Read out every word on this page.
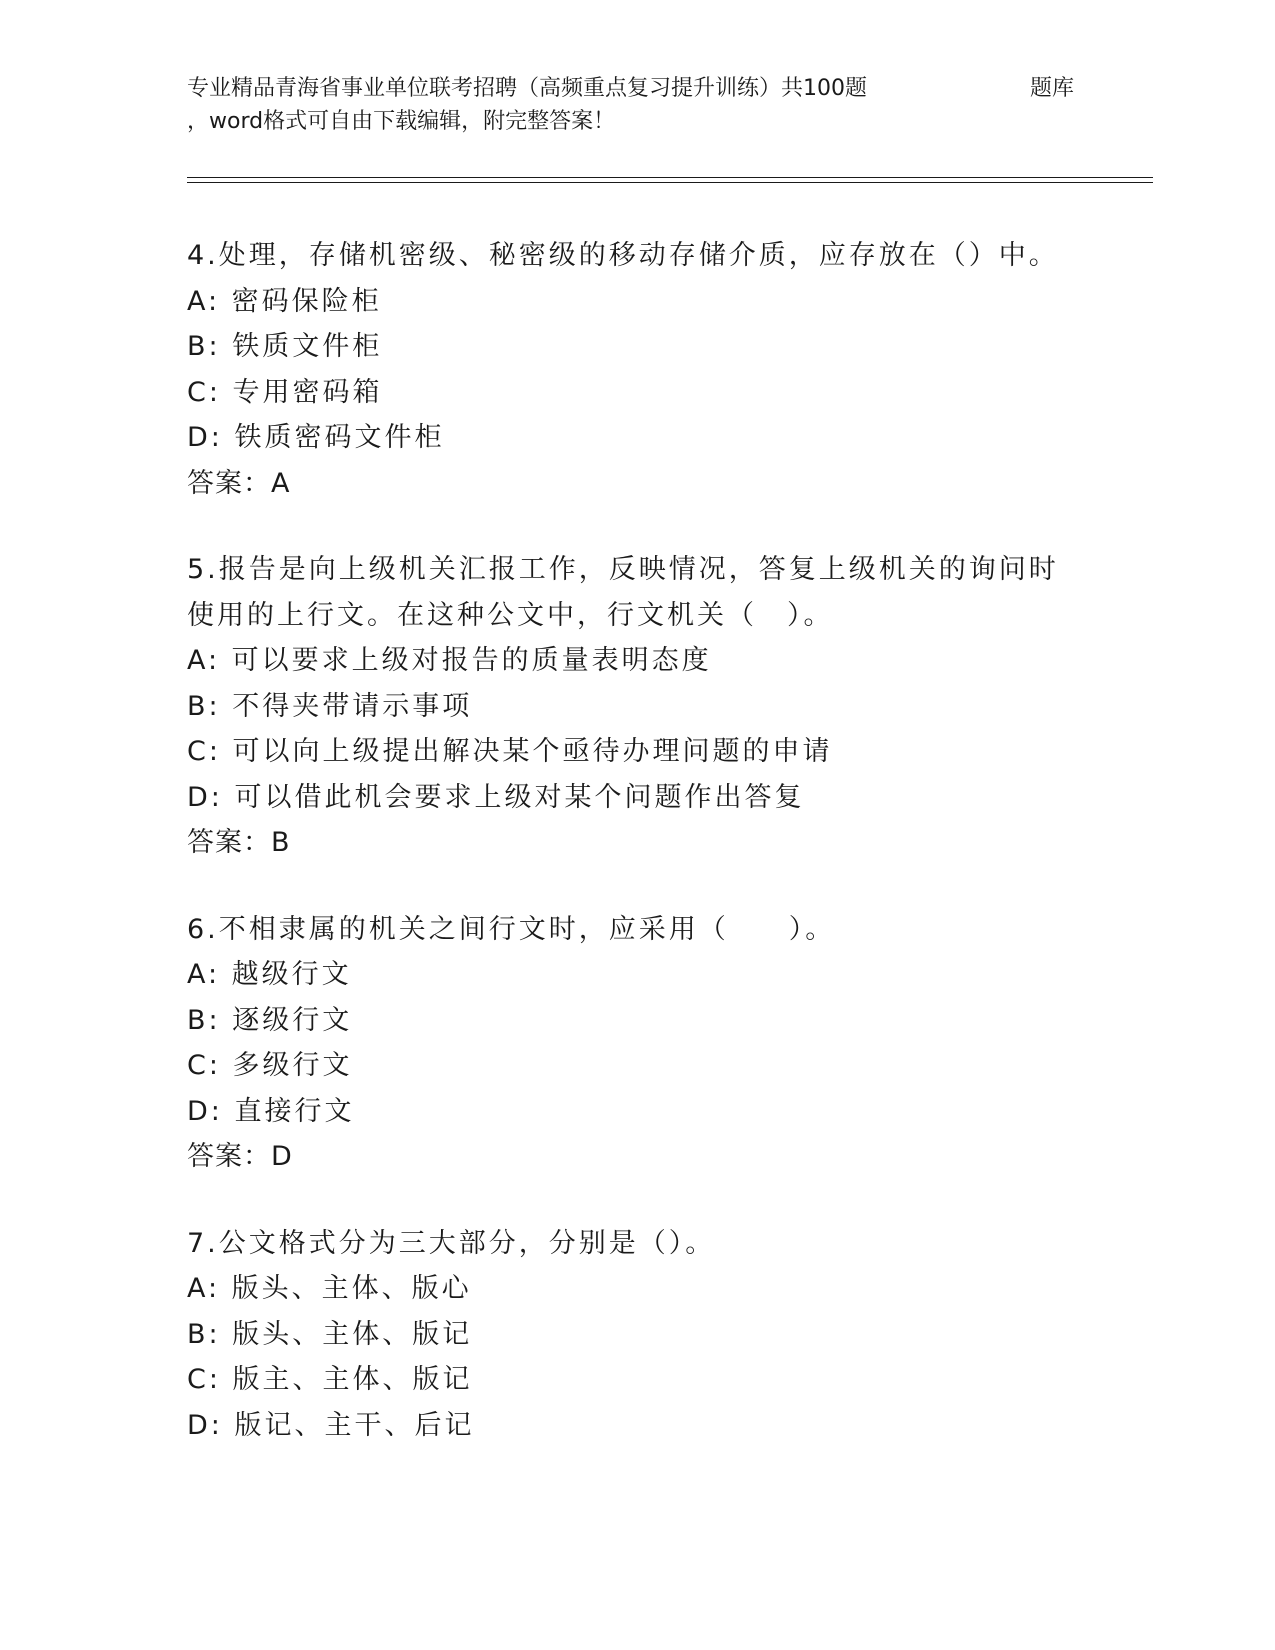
专业精品青海省事业单位联考招聘（高频重点复习提升训练）共100题
，word格式可自由下载编辑，附完整答案！
题库
4.处理，存储机密级、秘密级的移动存储介质，应存放在（）中。
A: 密码保险柜
B: 铁质文件柜
C: 专用密码箱
D: 铁质密码文件柜
答案：A
5.报告是向上级机关汇报工作，反映情况，答复上级机关的询问时使用的上行文。在这种公文中，行文机关（　）。
A: 可以要求上级对报告的质量表明态度
B: 不得夹带请示事项
C: 可以向上级提出解决某个亟待办理问题的申请
D: 可以借此机会要求上级对某个问题作出答复
答案：B
6.不相隶属的机关之间行文时，应采用（　　）。
A: 越级行文
B: 逐级行文
C: 多级行文
D: 直接行文
答案：D
7.公文格式分为三大部分，分别是（）。
A: 版头、主体、版心
B: 版头、主体、版记
C: 版主、主体、版记
D: 版记、主干、后记
